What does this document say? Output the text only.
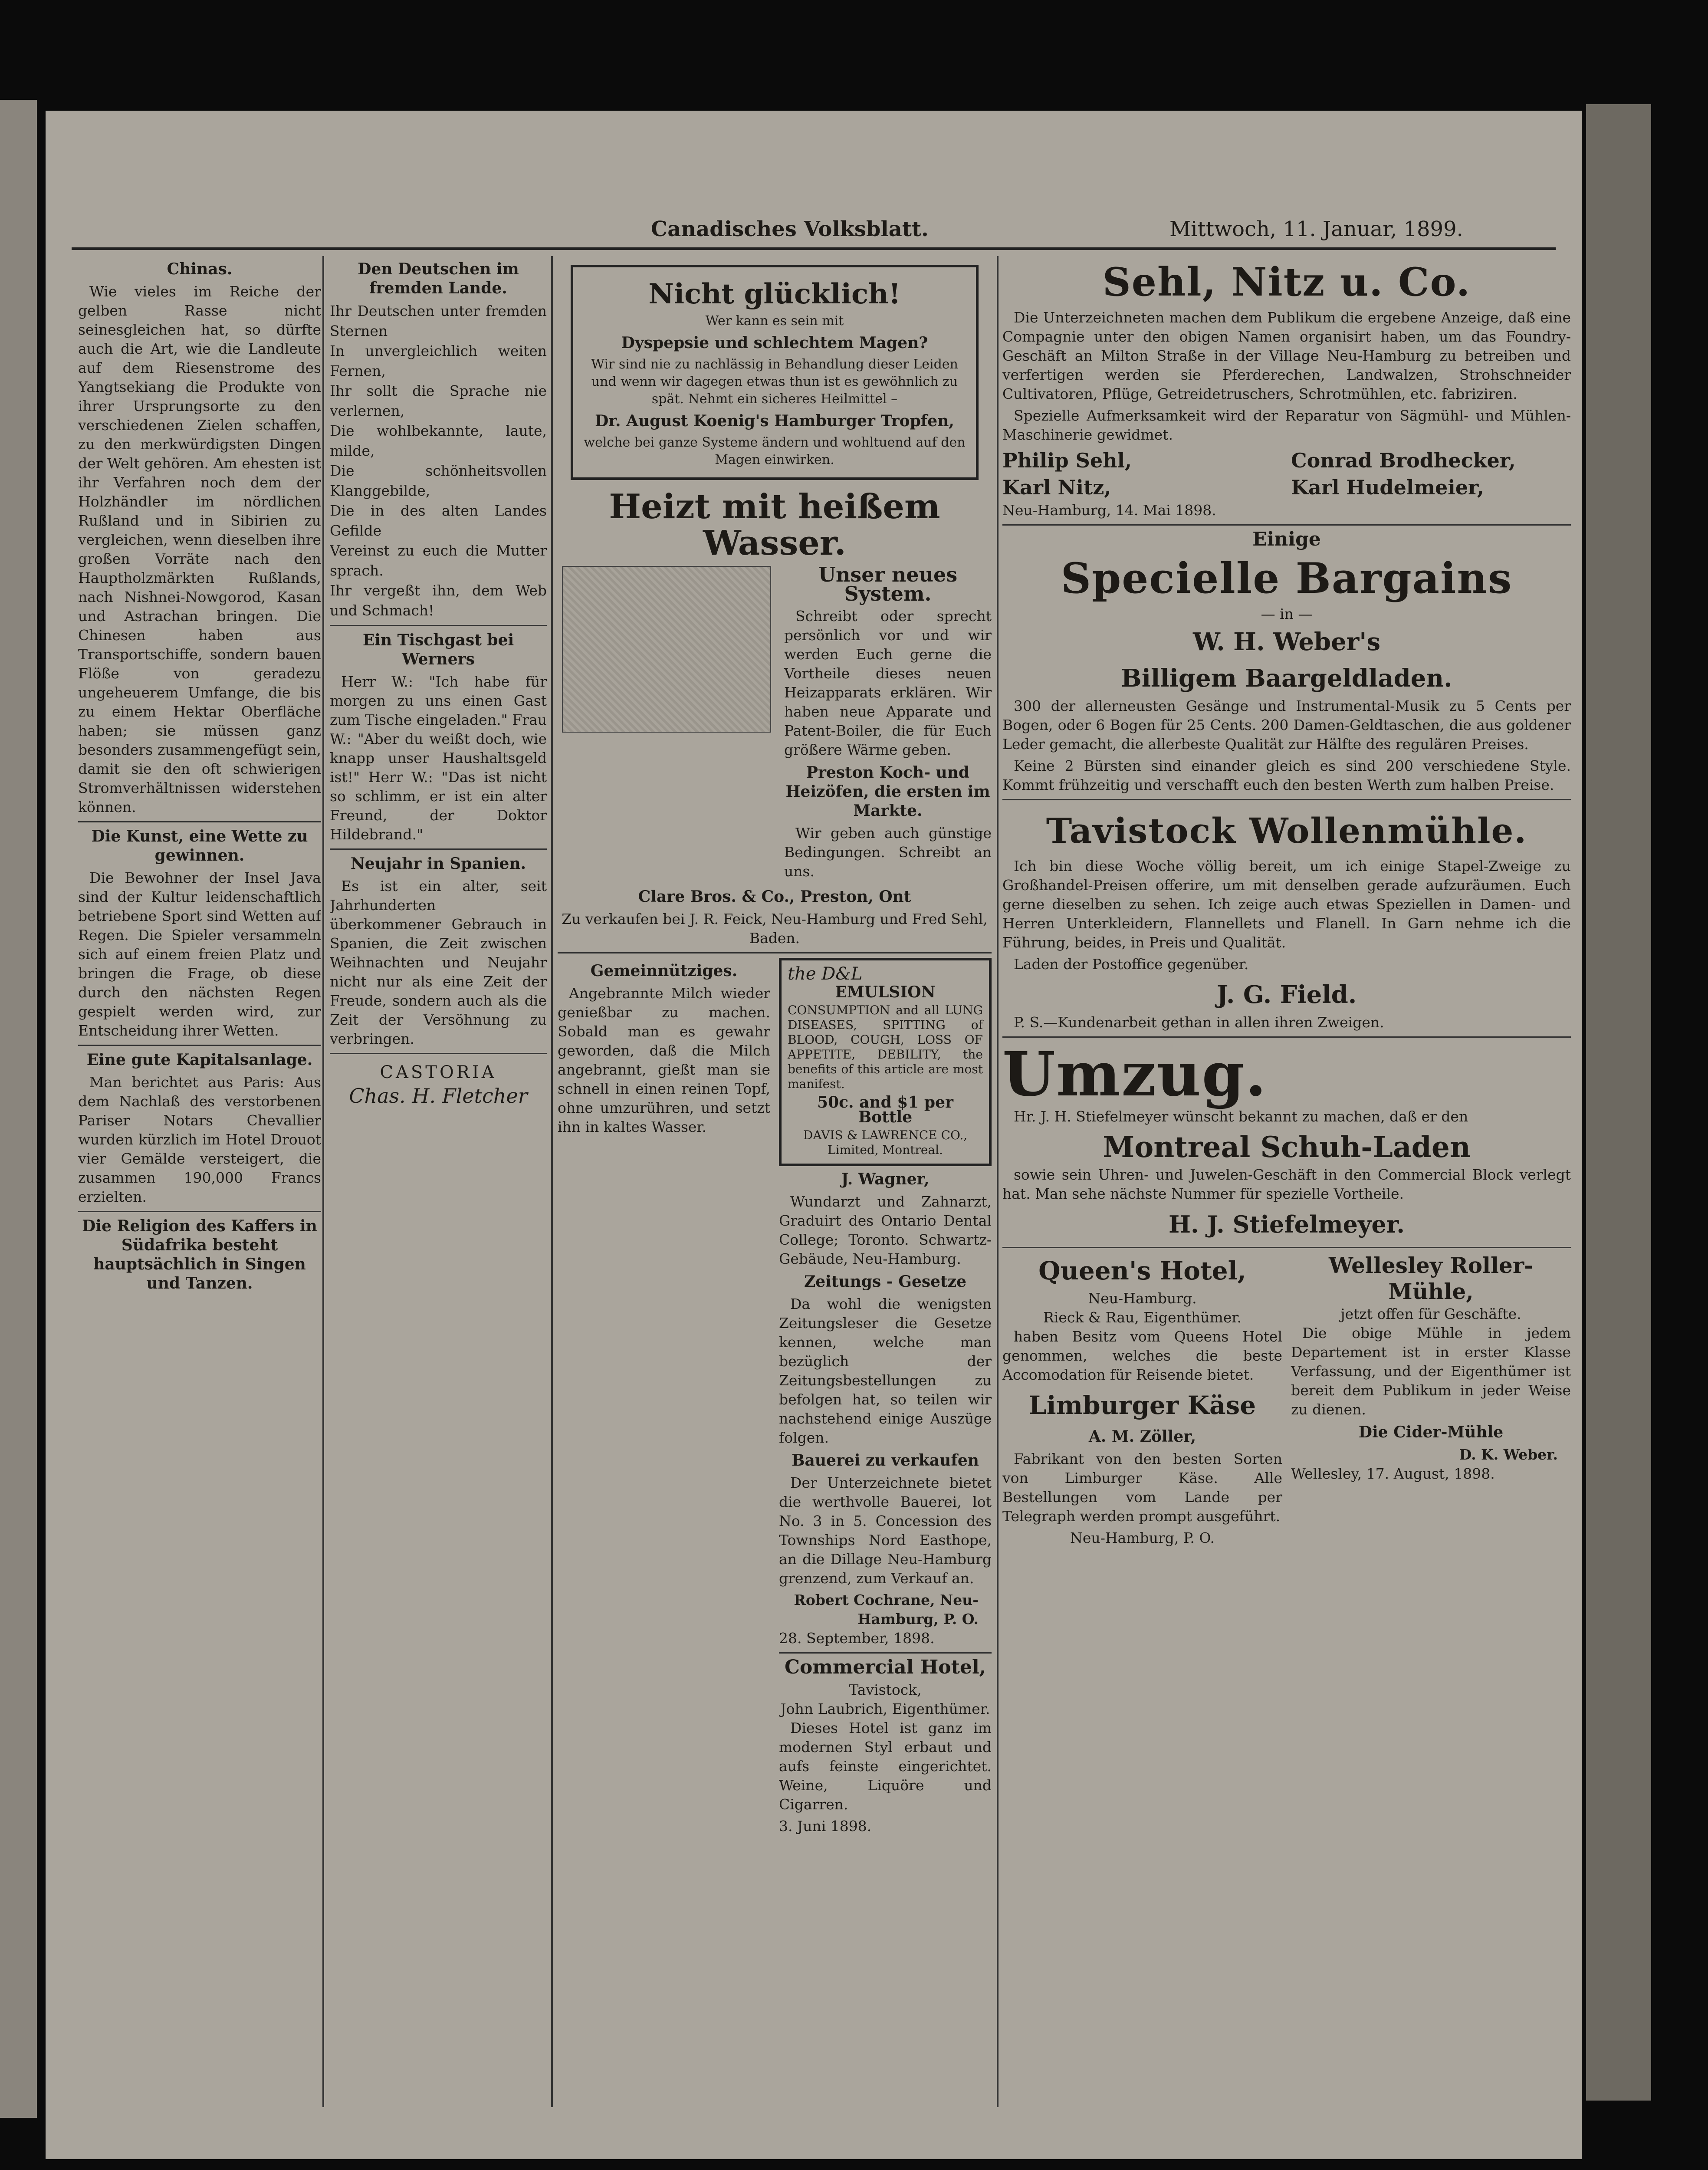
Canadisches Volksblatt.	Mittwoch, 11. Januar, 1899.
Chinas.

Wie vieles im Reiche der gelben Rasse nicht seinesgleichen hat, so dürfte auch die Art, wie die Landleute auf dem Riesenstrome des Yangtsekiang die Produkte von ihrer Ursprungsorte zu den verschiedenen Zielen schaffen, zu den merkwürdigsten Dingen der Welt gehören. Am ehesten ist ihr Verfahren noch dem der Holzhändler im nördlichen Rußland und in Sibirien zu vergleichen, wenn dieselben ihre großen Vorräte nach den Hauptholzmärkten Rußlands, nach Nishnei-Nowgorod, Kasan und Astrachan bringen. Die Chinesen haben aus Transportschiffe, sondern bauen Flöße von geradezu ungeheuerem Umfange, die bis zu einem Hektar Oberfläche haben; sie müssen ganz besonders zusammengefügt sein, damit sie den oft schwierigen Stromverhältnissen widerstehen können.

Die Kunst, eine Wette zu gewinnen.

Die Bewohner der Insel Java sind der Kultur leidenschaftlich betriebene Sport sind Wetten auf Regen. Die Spieler versammeln sich auf einem freien Platz und bringen die Frage, ob diese durch den nächsten Regen gespielt werden wird, zur Entscheidung ihrer Wetten.

Eine gute Kapitalsanlage.

Man berichtet aus Paris: Aus dem Nachlaß des verstorbenen Pariser Notars Chevallier wurden kürzlich im Hotel Drouot vier Gemälde versteigert, die zusammen 190,000 Francs erzielten.

Die Religion des Kaffers in Südafrika besteht hauptsächlich in Singen und Tanzen.
Den Deutschen im fremden Lande.
Ihr Deutschen unter fremden Sternen
In unvergleichlich weiten Fernen,
Ihr sollt die Sprache nie verlernen,
Die wohlbekannte, laute, milde,
Die schönheitsvollen Klanggebilde,
Die in des alten Landes Gefilde
Vereinst zu euch die Mutter sprach.
Ihr vergeßt ihn, dem Web und Schmach!
Ein Tischgast bei Werners

Herr W.: "Ich habe für morgen zu uns einen Gast zum Tische eingeladen." Frau W.: "Aber du weißt doch, wie knapp unser Haushaltsgeld ist!" Herr W.: "Das ist nicht so schlimm, er ist ein alter Freund, der Doktor Hildebrand."

Neujahr in Spanien.

Es ist ein alter, seit Jahrhunderten überkommener Gebrauch in Spanien, die Zeit zwischen Weihnachten und Neujahr nicht nur als eine Zeit der Freude, sondern auch als die Zeit der Versöhnung zu verbringen.

CASTORIA
Chas. H. Fletcher
Nicht glücklich!
Wer kann es sein mit
Dyspepsie und schlechtem Magen?
Wir sind nie zu nachlässig in Behandlung dieser Leiden und wenn wir dagegen etwas thun ist es gewöhnlich zu spät. Nehmt ein sicheres Heilmittel –
Dr. August Koenig's Hamburger Tropfen,
welche bei ganze Systeme ändern und wohltuend auf den Magen einwirken.
Heizt mit heißem Wasser.
Unser neues System.

Schreibt oder sprecht persönlich vor und wir werden Euch gerne die Vortheile dieses neuen Heizapparats erklären. Wir haben neue Apparate und Patent-Boiler, die für Euch größere Wärme geben.

Preston Koch- und Heizöfen, die ersten im Markte.

Wir geben auch günstige Bedingungen. Schreibt an uns.

Clare Bros. & Co., Preston, Ont
Zu verkaufen bei J. R. Feick, Neu-Hamburg und Fred Sehl, Baden.
Gemeinnütziges.

Angebrannte Milch wieder genießbar zu machen. Sobald man es gewahr geworden, daß die Milch angebrannt, gießt man sie schnell in einen reinen Topf, ohne umzurühren, und setzt ihn in kaltes Wasser.

the D&L
EMULSION
CONSUMPTION and all LUNG DISEASES, SPITTING of BLOOD, COUGH, LOSS OF APPETITE, DEBILITY, the benefits of this article are most manifest.
50c. and $1 per Bottle
DAVIS & LAWRENCE CO., Limited, Montreal.
J. Wagner,

Wundarzt und Zahnarzt, Graduirt des Ontario Dental College; Toronto. Schwartz-Gebäude, Neu-Hamburg.

Zeitungs - Gesetze

Da wohl die wenigsten Zeitungsleser die Gesetze kennen, welche man bezüglich der Zeitungsbestellungen zu befolgen hat, so teilen wir nachstehend einige Auszüge folgen.

Bauerei zu verkaufen

Der Unterzeichnete bietet die werthvolle Bauerei, lot No. 3 in 5. Concession des Townships Nord Easthope, an die Dillage Neu-Hamburg grenzend, zum Verkauf an.

Robert Cochrane, Neu-Hamburg, P. O.
28. September, 1898.
Commercial Hotel,
Tavistock,
John Laubrich, Eigenthümer.

Dieses Hotel ist ganz im modernen Styl erbaut und aufs feinste eingerichtet. Weine, Liquöre und Cigarren.

3. Juni 1898.
Sehl, Nitz u. Co.

Die Unterzeichneten machen dem Publikum die ergebene Anzeige, daß eine Compagnie unter den obigen Namen organisirt haben, um das Foundry-Geschäft an Milton Straße in der Village Neu-Hamburg zu betreiben und verfertigen werden sie Pferderechen, Landwalzen, Strohschneider Cultivatoren, Pflüge, Getreidetruschers, Schrotmühlen, etc. fabriziren.

Spezielle Aufmerksamkeit wird der Reparatur von Sägmühl- und Mühlen-Maschinerie gewidmet.

Philip Sehl,
Karl Nitz,
Conrad Brodhecker,
Karl Hudelmeier,
Neu-Hamburg, 14. Mai 1898.
Einige
Specielle Bargains
— in —
W. H. Weber's
Billigem Baargeldladen.

300 der allerneusten Gesänge und Instrumental-Musik zu 5 Cents per Bogen, oder 6 Bogen für 25 Cents. 200 Damen-Geldtaschen, die aus goldener Leder gemacht, die allerbeste Qualität zur Hälfte des regulären Preises.

Keine 2 Bürsten sind einander gleich es sind 200 verschiedene Style. Kommt frühzeitig und verschafft euch den besten Werth zum halben Preise.

Tavistock Wollenmühle.

Ich bin diese Woche völlig bereit, um ich einige Stapel-Zweige zu Großhandel-Preisen offerire, um mit denselben gerade aufzuräumen. Euch gerne dieselben zu sehen. Ich zeige auch etwas Speziellen in Damen- und Herren Unterkleidern, Flannellets und Flanell. In Garn nehme ich die Führung, beides, in Preis und Qualität.

Laden der Postoffice gegenüber.

J. G. Field.

P. S.—Kundenarbeit gethan in allen ihren Zweigen.

Umzug.

Hr. J. H. Stiefelmeyer wünscht bekannt zu machen, daß er den

Montreal Schuh-Laden

sowie sein Uhren- und Juwelen-Geschäft in den Commercial Block verlegt hat. Man sehe nächste Nummer für spezielle Vortheile.

H. J. Stiefelmeyer.
Queen's Hotel,
Neu-Hamburg.
Rieck & Rau, Eigenthümer.

haben Besitz vom Queens Hotel genommen, welches die beste Accomodation für Reisende bietet.

Limburger Käse
A. M. Zöller,

Fabrikant von den besten Sorten von Limburger Käse. Alle Bestellungen vom Lande per Telegraph werden prompt ausgeführt.

Neu-Hamburg, P. O.
Wellesley Roller-Mühle,
jetzt offen für Geschäfte.

Die obige Mühle in jedem Departement ist in erster Klasse Verfassung, und der Eigenthümer ist bereit dem Publikum in jeder Weise zu dienen.

Die Cider-Mühle
D. K. Weber.
Wellesley, 17. August, 1898.
